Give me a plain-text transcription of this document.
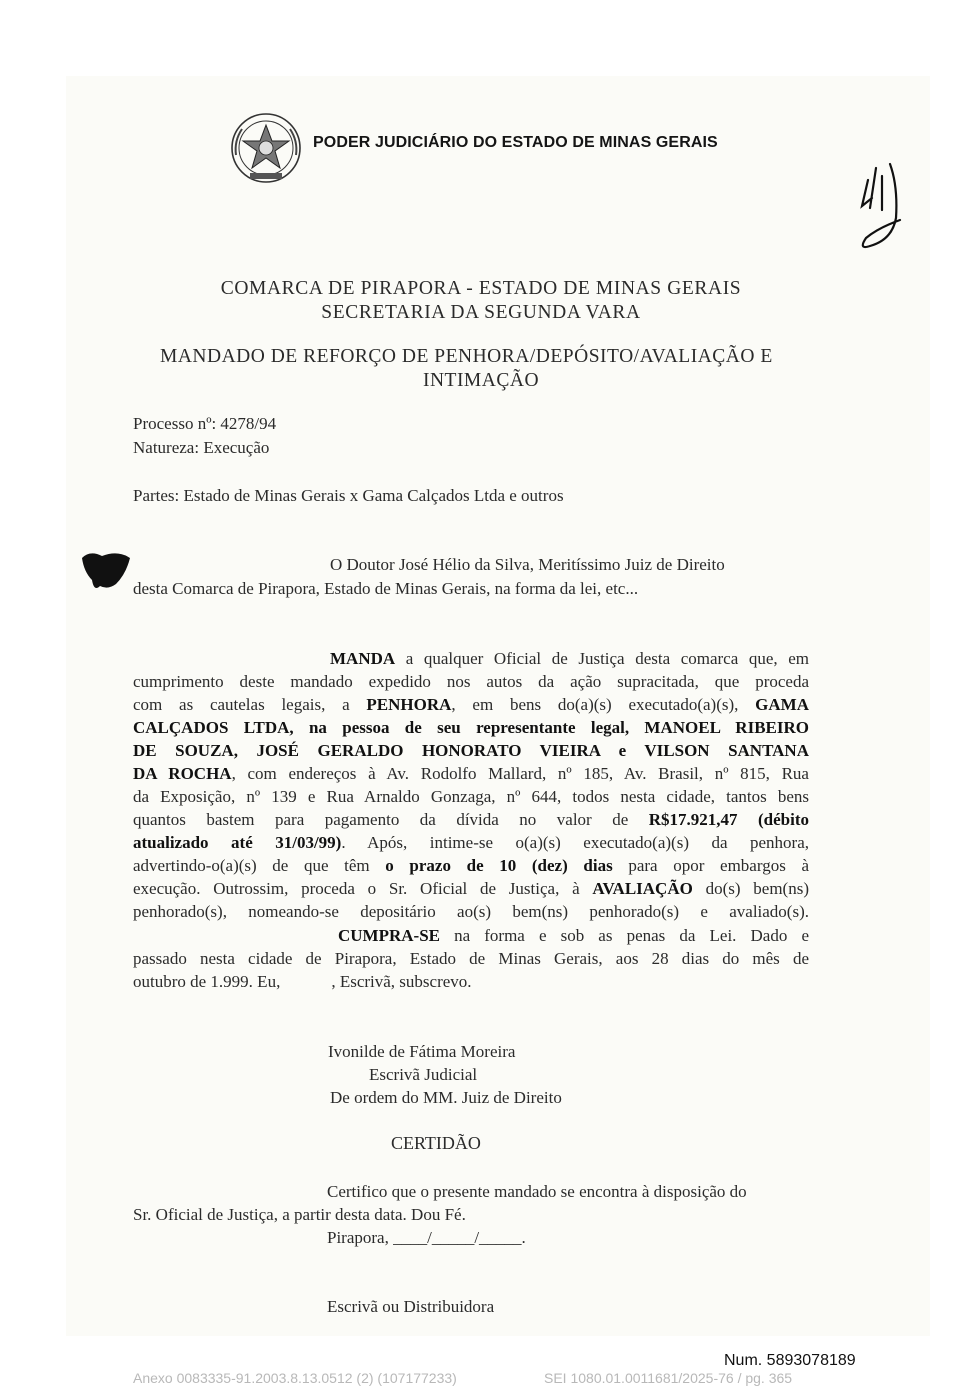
PODER JUDICIÁRIO DO ESTADO DE MINAS GERAIS
COMARCA DE PIRAPORA - ESTADO DE MINAS GERAIS
SECRETARIA DA SEGUNDA VARA
MANDADO DE REFORÇO DE PENHORA/DEPÓSITO/AVALIAÇÃO E
INTIMAÇÃO
Processo nº: 4278/94
Natureza: Execução
Partes: Estado de Minas Gerais x Gama Calçados Ltda e outros
O Doutor José Hélio da Silva, Meritíssimo Juiz de Direito
desta Comarca de Pirapora, Estado de Minas Gerais, na forma da lei, etc...
MANDA a qualquer Oficial de Justiça desta comarca que, em
cumprimento deste mandado expedido nos autos da ação supracitada, que proceda
com as cautelas legais, a PENHORA, em bens do(a)(s) executado(a)(s), GAMA
CALÇADOS LTDA, na pessoa de seu representante legal, MANOEL RIBEIRO
DE SOUZA, JOSÉ GERALDO HONORATO VIEIRA e VILSON SANTANA
DA ROCHA, com endereços à Av. Rodolfo Mallard, nº 185, Av. Brasil, nº 815, Rua
da Exposição, nº 139 e Rua Arnaldo Gonzaga, nº 644, todos nesta cidade, tantos bens
quantos bastem para pagamento da dívida no valor de R$17.921,47 (débito
atualizado até 31/03/99). Após, intime-se o(a)(s) executado(a)(s) da penhora,
advertindo-o(a)(s) de que têm o prazo de 10 (dez) dias para opor embargos à
execução. Outrossim, proceda o Sr. Oficial de Justiça, à AVALIAÇÃO do(s) bem(ns)
penhorado(s), nomeando-se depositário ao(s) bem(ns) penhorado(s) e avaliado(s).
CUMPRA-SE na forma e sob as penas da Lei. Dado e
passado nesta cidade de Pirapora, Estado de Minas Gerais, aos 28 dias do mês de
outubro de 1.999. Eu,            , Escrivã, subscrevo.
Ivonilde de Fátima Moreira
Escrivã Judicial
De ordem do MM. Juiz de Direito
CERTIDÃO
Certifico que o presente mandado se encontra à disposição do
Sr. Oficial de Justiça, a partir desta data. Dou Fé.
Pirapora, ____/_____/_____.
Escrivã ou Distribuidora
Num. 5893078189
Anexo 0083335-91.2003.8.13.0512 (2) (107177233)	SEI 1080.01.0011681/2025-76 / pg. 365
